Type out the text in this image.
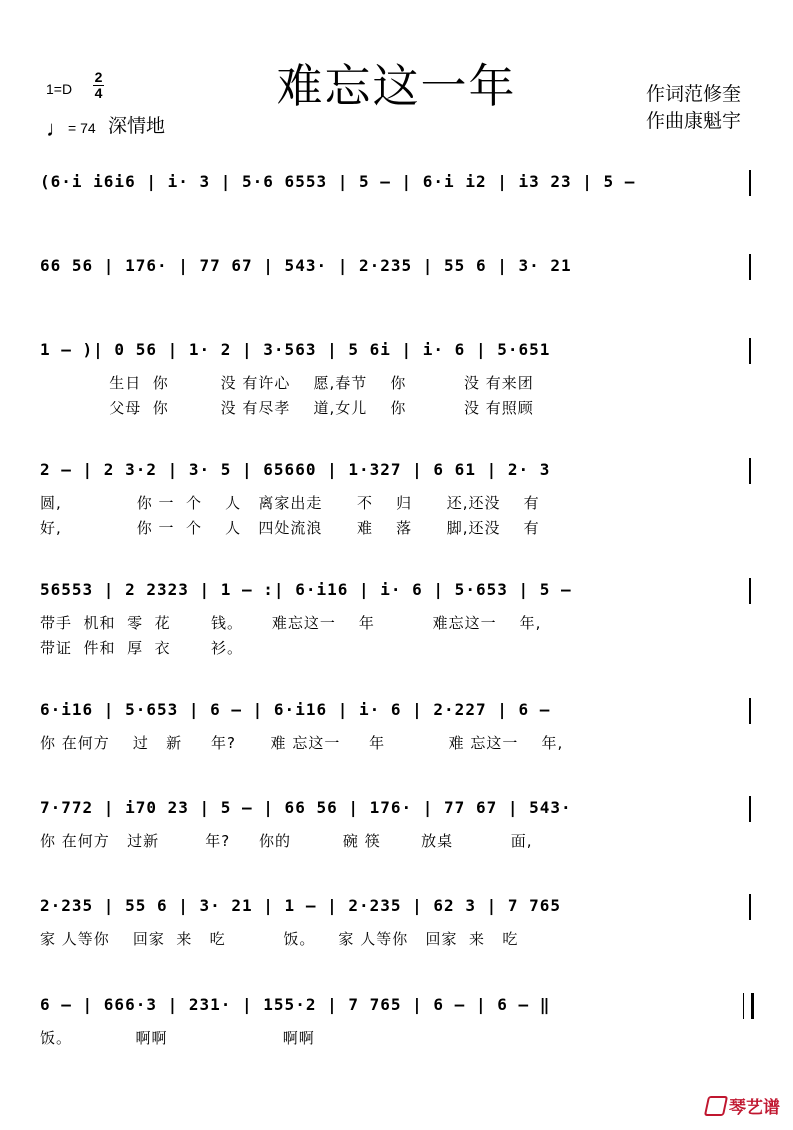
难忘这一年
1=D
2
4
♩= 74 深情地
作词范修奎
作曲康魁宇
(6·i i6i6 | i· 3 | 5·6 6553 | 5 – | 6·i i2 | i3 23 | 5 –
66 56 | 176· | 77 67 | 543· | 2·235 | 55 6 | 3· 21
1 – )| 0 56 | 1· 2 | 3·563 | 5 6i | i· 6 | 5·651
生日  你         没 有许心    愿,春节    你          没 有来团
父母  你         没 有尽孝    道,女儿    你          没 有照顾
2 – | 2 3·2 | 3· 5 | 65660 | 1·327 | 6 61 | 2· 3
圆,             你 一  个    人   离家出走      不    归      还,还没    有
好,             你 一  个    人   四处流浪      难    落      脚,还没    有
56553 | 2 2323 | 1 – :| 6·i16 | i· 6 | 5·653 | 5 –
带手  机和  零  花       钱。     难忘这一    年          难忘这一    年,
带证  件和  厚  衣       衫。
6·i16 | 5·653 | 6 – | 6·i16 | i· 6 | 2·227 | 6 –
你 在何方    过   新     年?      难 忘这一     年           难 忘这一    年,
7·772 | i70 23 | 5 – | 66 56 | 176· | 77 67 | 543·
你 在何方   过新        年?     你的         碗 筷       放桌          面,
2·235 | 55 6 | 3· 21 | 1 – | 2·235 | 62 3 | 7 765
家 人等你    回家  来   吃          饭。    家 人等你   回家  来   吃
6 – | 666·3 | 231· | 155·2 | 7 765 | 6 – | 6 – ‖
饭。           啊啊                    啊啊
琴艺谱
